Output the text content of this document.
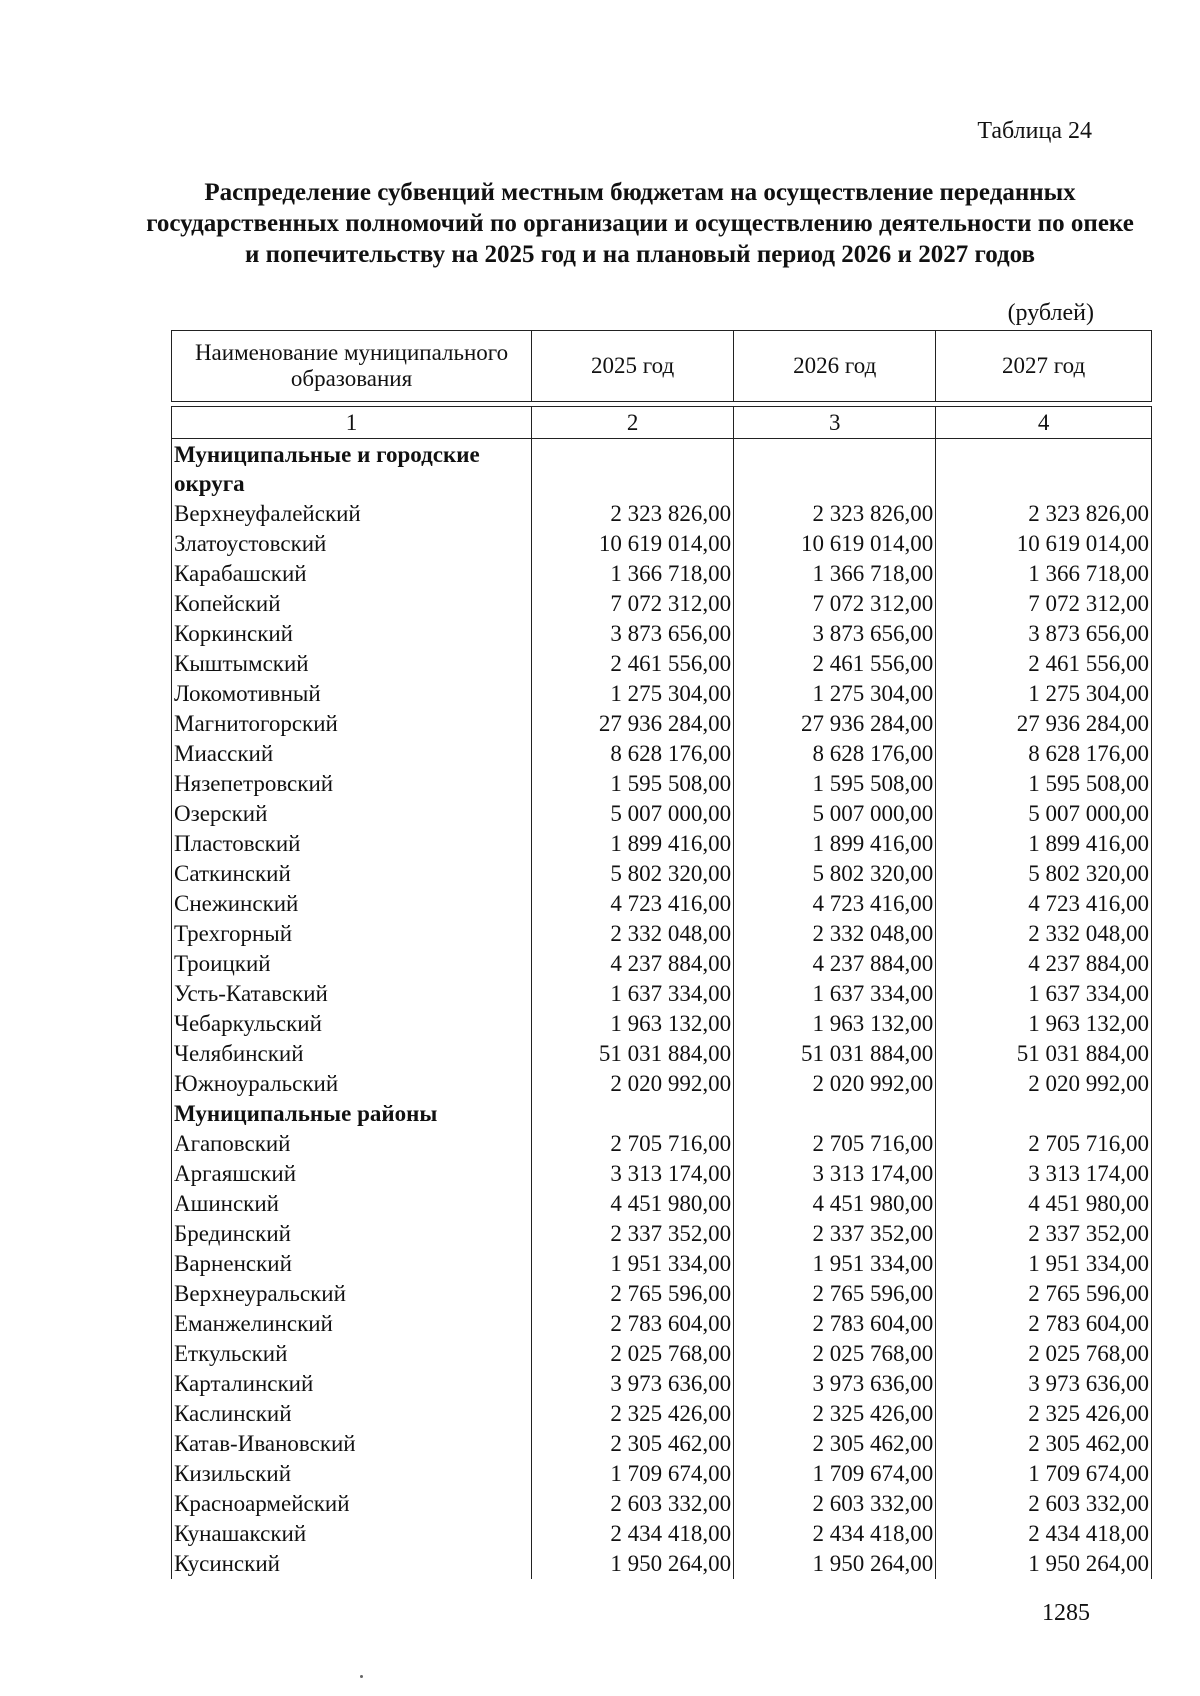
Таблица 24
Распределение субвенций местным бюджетам на осуществление переданных государственных полномочий по организации и осуществлению деятельности по опеке и попечительству на 2025 год и на плановый период 2026 и 2027 годов
(рублей)
Наименование муниципального образования	2025 год	2026 год	2027 год

1	2	3	4
Муниципальные и городские округа			
Верхнеуфалейский	2 323 826,00	2 323 826,00	2 323 826,00
Златоустовский	10 619 014,00	10 619 014,00	10 619 014,00
Карабашский	1 366 718,00	1 366 718,00	1 366 718,00
Копейский	7 072 312,00	7 072 312,00	7 072 312,00
Коркинский	3 873 656,00	3 873 656,00	3 873 656,00
Кыштымский	2 461 556,00	2 461 556,00	2 461 556,00
Локомотивный	1 275 304,00	1 275 304,00	1 275 304,00
Магнитогорский	27 936 284,00	27 936 284,00	27 936 284,00
Миасский	8 628 176,00	8 628 176,00	8 628 176,00
Нязепетровский	1 595 508,00	1 595 508,00	1 595 508,00
Озерский	5 007 000,00	5 007 000,00	5 007 000,00
Пластовский	1 899 416,00	1 899 416,00	1 899 416,00
Саткинский	5 802 320,00	5 802 320,00	5 802 320,00
Снежинский	4 723 416,00	4 723 416,00	4 723 416,00
Трехгорный	2 332 048,00	2 332 048,00	2 332 048,00
Троицкий	4 237 884,00	4 237 884,00	4 237 884,00
Усть-Катавский	1 637 334,00	1 637 334,00	1 637 334,00
Чебаркульский	1 963 132,00	1 963 132,00	1 963 132,00
Челябинский	51 031 884,00	51 031 884,00	51 031 884,00
Южноуральский	2 020 992,00	2 020 992,00	2 020 992,00
Муниципальные районы			
Агаповский	2 705 716,00	2 705 716,00	2 705 716,00
Аргаяшский	3 313 174,00	3 313 174,00	3 313 174,00
Ашинский	4 451 980,00	4 451 980,00	4 451 980,00
Брединский	2 337 352,00	2 337 352,00	2 337 352,00
Варненский	1 951 334,00	1 951 334,00	1 951 334,00
Верхнеуральский	2 765 596,00	2 765 596,00	2 765 596,00
Еманжелинский	2 783 604,00	2 783 604,00	2 783 604,00
Еткульский	2 025 768,00	2 025 768,00	2 025 768,00
Карталинский	3 973 636,00	3 973 636,00	3 973 636,00
Каслинский	2 325 426,00	2 325 426,00	2 325 426,00
Катав-Ивановский	2 305 462,00	2 305 462,00	2 305 462,00
Кизильский	1 709 674,00	1 709 674,00	1 709 674,00
Красноармейский	2 603 332,00	2 603 332,00	2 603 332,00
Кунашакский	2 434 418,00	2 434 418,00	2 434 418,00
Кусинский	1 950 264,00	1 950 264,00	1 950 264,00
1285
